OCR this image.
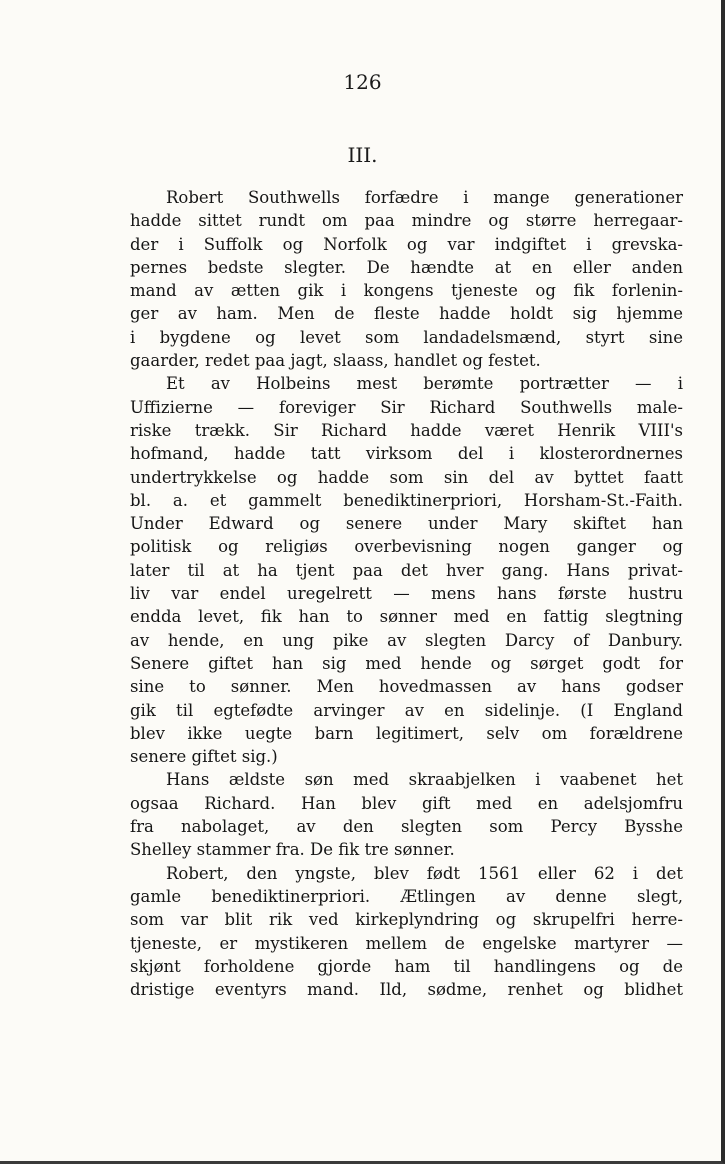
126
III.
Robert Southwells forfædre i mange generationer
hadde sittet rundt om paa mindre og større herregaar-
der i Suffolk og Norfolk og var indgiftet i grevska-
pernes bedste slegter. De hændte at en eller anden
mand av ætten gik i kongens tjeneste og fik forlenin-
ger av ham. Men de fleste hadde holdt sig hjemme
i bygdene og levet som landadelsmænd, styrt sine
gaarder, redet paa jagt, slaass, handlet og festet.
Et av Holbeins mest berømte portrætter — i
Uffizierne — foreviger Sir Richard Southwells male-
riske trækk. Sir Richard hadde været Henrik VIII's
hofmand, hadde tatt virksom del i klosterordnernes
undertrykkelse og hadde som sin del av byttet faatt
bl. a. et gammelt benediktinerpriori, Horsham-St.-Faith.
Under Edward og senere under Mary skiftet han
politisk og religiøs overbevisning nogen ganger og
later til at ha tjent paa det hver gang. Hans privat-
liv var endel uregelrett — mens hans første hustru
endda levet, fik han to sønner med en fattig slegtning
av hende, en ung pike av slegten Darcy of Danbury.
Senere giftet han sig med hende og sørget godt for
sine to sønner. Men hovedmassen av hans godser
gik til egtefødte arvinger av en sidelinje. (I England
blev ikke uegte barn legitimert, selv om forældrene
senere giftet sig.)
Hans ældste søn med skraabjelken i vaabenet het
ogsaa Richard. Han blev gift med en adelsjomfru
fra nabolaget, av den slegten som Percy Bysshe
Shelley stammer fra. De fik tre sønner.
Robert, den yngste, blev født 1561 eller 62 i det
gamle benediktinerpriori. Ætlingen av denne slegt,
som var blit rik ved kirkeplyndring og skrupelfri herre-
tjeneste, er mystikeren mellem de engelske martyrer —
skjønt forholdene gjorde ham til handlingens og de
dristige eventyrs mand. Ild, sødme, renhet og blidhet
